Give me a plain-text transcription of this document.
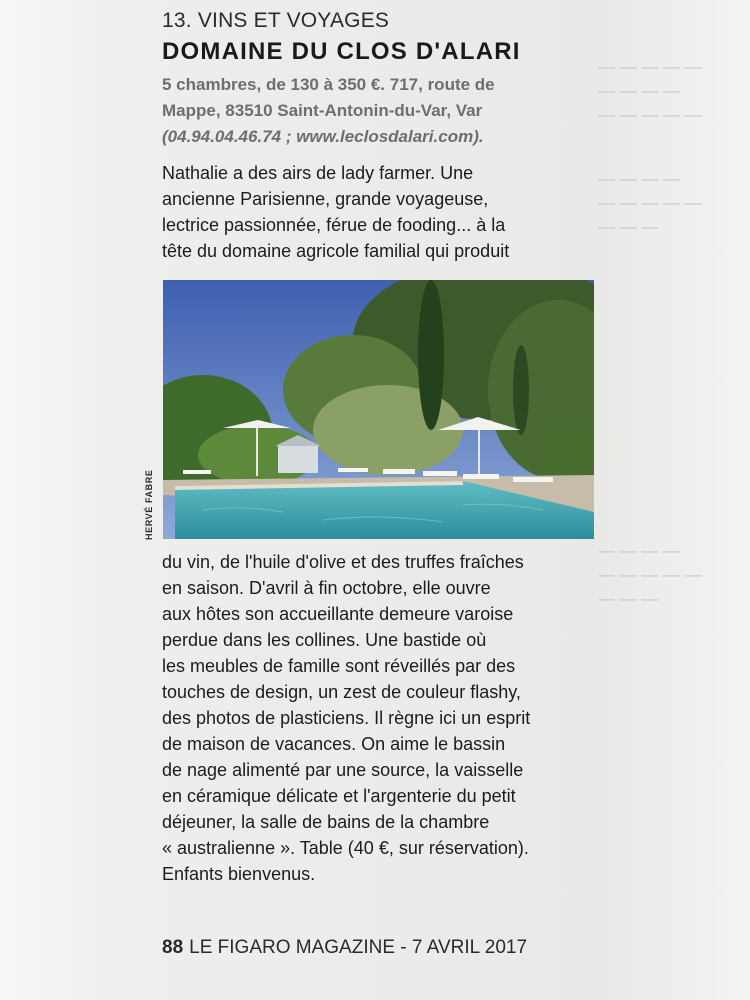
— — — — —
— — — —
— — — — —
— — — —
— — — — —
— — —
— — — —
— — — — —
— — —
13. VINS ET VOYAGES
DOMAINE DU CLOS D'ALARI
5 chambres, de 130 à 350 €. 717, route de
Mappe, 83510 Saint-Antonin-du-Var, Var
(04.94.04.46.74 ; www.leclosdalari.com).
Nathalie a des airs de lady farmer. Une
ancienne Parisienne, grande voyageuse,
lectrice passionnée, férue de fooding... à la
tête du domaine agricole familial qui produit
du vin, de l'huile d'olive et des truffes fraîches
en saison. D'avril à fin octobre, elle ouvre
aux hôtes son accueillante demeure varoise
perdue dans les collines. Une bastide où
les meubles de famille sont réveillés par des
touches de design, un zest de couleur flashy,
des photos de plasticiens. Il règne ici un esprit
de maison de vacances. On aime le bassin
de nage alimenté par une source, la vaisselle
en céramique délicate et l'argenterie du petit
déjeuner, la salle de bains de la chambre
« australienne ». Table (40 €, sur réservation).
Enfants bienvenus.
88 LE FIGARO MAGAZINE - 7 AVRIL 2017
